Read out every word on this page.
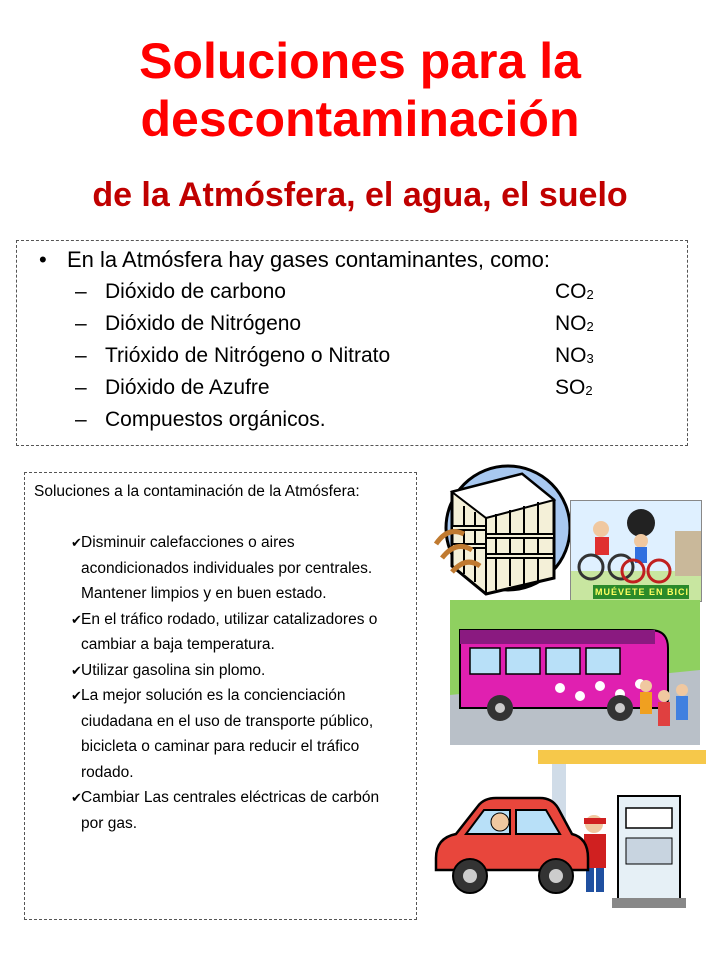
Soluciones para la
descontaminación
de la Atmósfera, el agua, el suelo
• En la Atmósfera hay gases contaminantes, como:
– Dióxido de carbono	$CO_2$
– Dióxido de Nitrógeno	$NO_2$
– Trióxido de Nitrógeno o Nitrato	$NO_3$
– Dióxido de Azufre	$SO_2$
– Compuestos orgánicos.
Soluciones a la contaminación de la Atmósfera:
✔ Disminuir calefacciones o aires acondicionados individuales por centrales. Mantener limpios y en buen estado.
✔ En el tráfico rodado, utilizar catalizadores o cambiar a baja temperatura.
✔ Utilizar gasolina sin plomo.
✔ La mejor solución es la concienciación ciudadana en el uso de transporte público, bicicleta o caminar para reducir el tráfico rodado.
✔ Cambiar Las centrales eléctricas de carbón por gas.
MUÉVETE EN BICI
